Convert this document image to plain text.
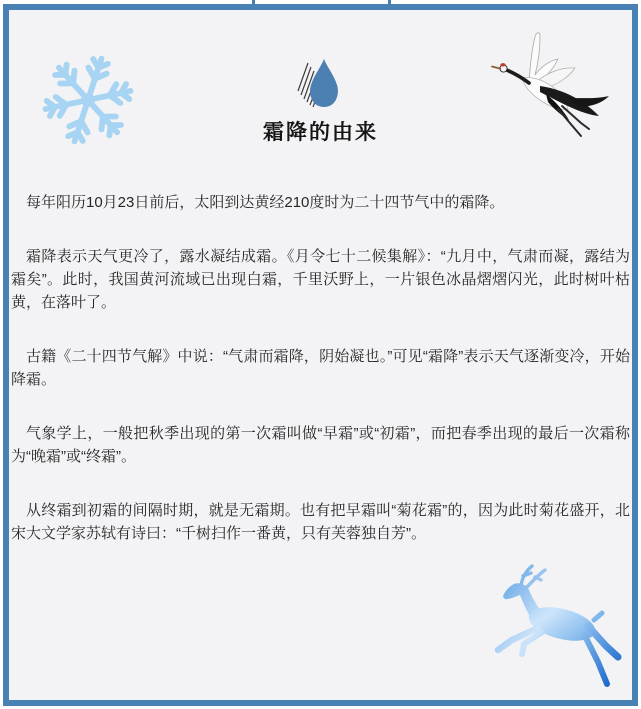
霜降的由来

每年阳历10月23日前后，太阳到达黄经210度时为二十四节气中的霜降。

霜降表示天气更冷了，露水凝结成霜。《月令七十二候集解》：“九月中，气肃而凝，露结为霜矣”。此时，我国黄河流域已出现白霜，千里沃野上，一片银色冰晶熠熠闪光，此时树叶枯黄，在落叶了。

古籍《二十四节气解》中说：“气肃而霜降，阴始凝也。”可见“霜降”表示天气逐渐变冷，开始降霜。

气象学上，一般把秋季出现的第一次霜叫做“早霜”或“初霜”，而把春季出现的最后一次霜称为“晚霜”或“终霜”。

从终霜到初霜的间隔时期，就是无霜期。也有把早霜叫“菊花霜”的，因为此时菊花盛开，北宋大文学家苏轼有诗曰：“千树扫作一番黄，只有芙蓉独自芳”。
